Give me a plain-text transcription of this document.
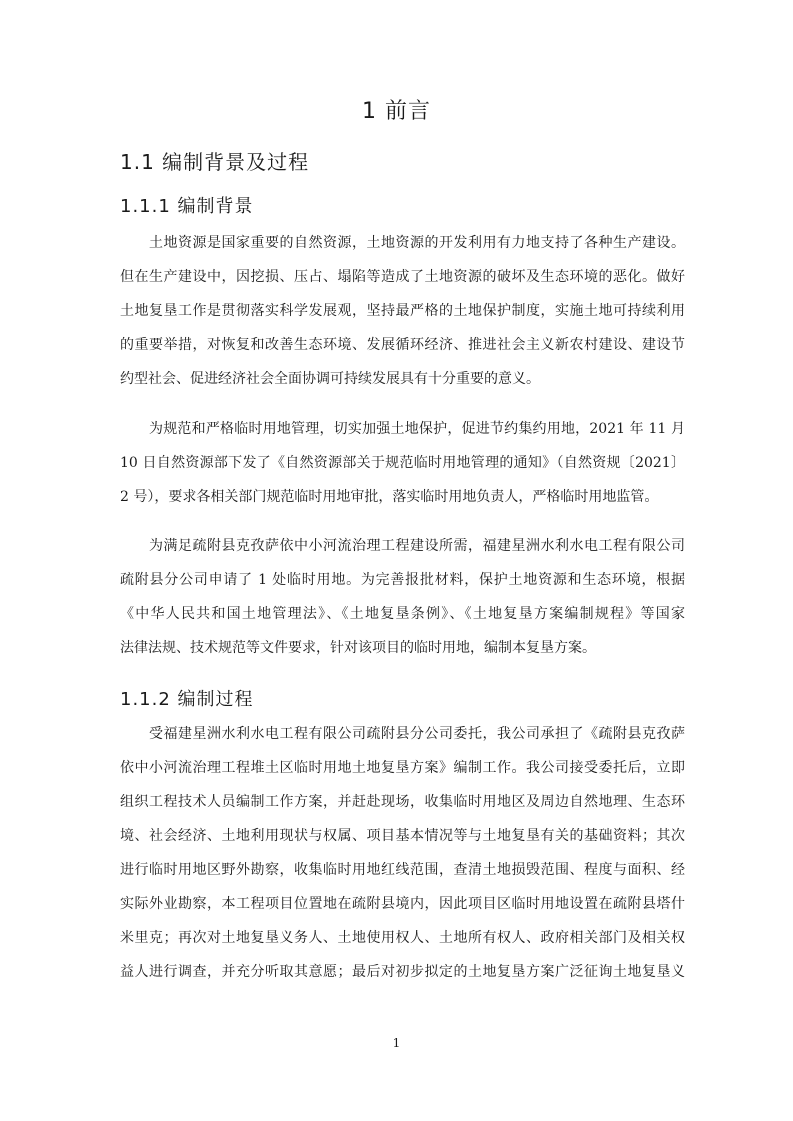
1 前言
1.1 编制背景及过程
1.1.1 编制背景
土地资源是国家重要的自然资源，土地资源的开发利用有力地支持了各种生产建设。
但在生产建设中，因挖损、压占、塌陷等造成了土地资源的破坏及生态环境的恶化。做好
土地复垦工作是贯彻落实科学发展观，坚持最严格的土地保护制度，实施土地可持续利用
的重要举措，对恢复和改善生态环境、发展循环经济、推进社会主义新农村建设、建设节
约型社会、促进经济社会全面协调可持续发展具有十分重要的意义。
为规范和严格临时用地管理，切实加强土地保护，促进节约集约用地，2021 年 11 月
10 日自然资源部下发了《自然资源部关于规范临时用地管理的通知》（自然资规〔2021〕
2 号），要求各相关部门规范临时用地审批，落实临时用地负责人，严格临时用地监管。
为满足疏附县克孜萨依中小河流治理工程建设所需，福建星洲水利水电工程有限公司
疏附县分公司申请了 1 处临时用地。为完善报批材料，保护土地资源和生态环境，根据
《中华人民共和国土地管理法》、《土地复垦条例》、《土地复垦方案编制规程》等国家
法律法规、技术规范等文件要求，针对该项目的临时用地，编制本复垦方案。
1.1.2 编制过程
受福建星洲水利水电工程有限公司疏附县分公司委托，我公司承担了《疏附县克孜萨
依中小河流治理工程堆土区临时用地土地复垦方案》编制工作。我公司接受委托后，立即
组织工程技术人员编制工作方案，并赶赴现场，收集临时用地区及周边自然地理、生态环
境、社会经济、土地利用现状与权属、项目基本情况等与土地复垦有关的基础资料；其次
进行临时用地区野外勘察，收集临时用地红线范围，查清土地损毁范围、程度与面积、经
实际外业勘察，本工程项目位置地在疏附县境内，因此项目区临时用地设置在疏附县塔什
米里克；再次对土地复垦义务人、土地使用权人、土地所有权人、政府相关部门及相关权
益人进行调查，并充分听取其意愿；最后对初步拟定的土地复垦方案广泛征询土地复垦义
1
